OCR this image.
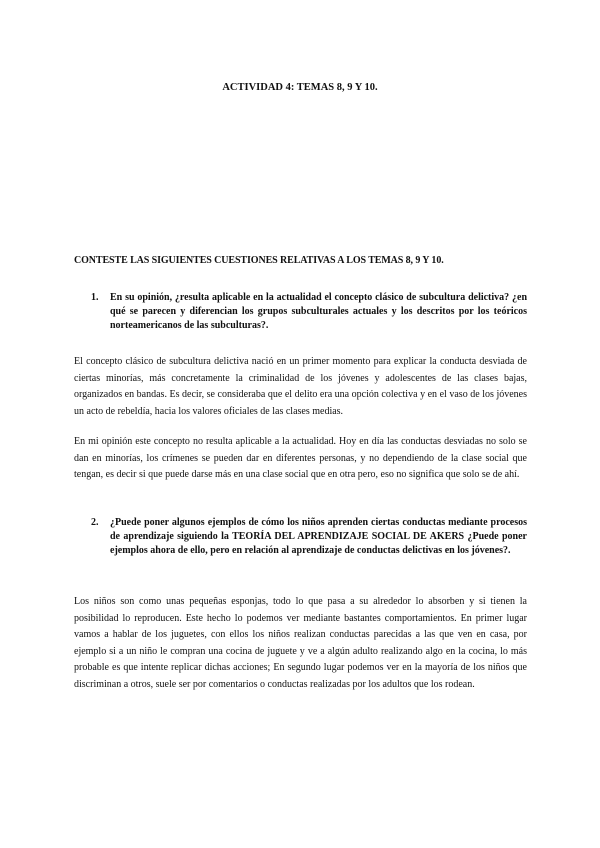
ACTIVIDAD 4: TEMAS 8, 9 Y 10.
CONTESTE LAS SIGUIENTES CUESTIONES RELATIVAS A LOS TEMAS 8, 9 Y 10.
1. En su opinión, ¿resulta aplicable en la actualidad el concepto clásico de subcultura delictiva? ¿en qué se parecen y diferencian los grupos subculturales actuales y los descritos por los teóricos norteamericanos de las subculturas?.

El concepto clásico de subcultura delictiva nació en un primer momento para explicar la conducta desviada de ciertas minorías, más concretamente la criminalidad de los jóvenes y adolescentes de las clases bajas, organizados en bandas. Es decir, se consideraba que el delito era una opción colectiva y en el vaso de los jóvenes un acto de rebeldía, hacia los valores oficiales de las clases medias.

En mi opinión este concepto no resulta aplicable a la actualidad. Hoy en día las conductas desviadas no solo se dan en minorías, los crímenes se pueden dar en diferentes personas, y no dependiendo de la clase social que tengan, es decir si que puede darse más en una clase social que en otra pero, eso no significa que solo se de ahí.

2. ¿Puede poner algunos ejemplos de cómo los niños aprenden ciertas conductas mediante procesos de aprendizaje siguiendo la TEORÍA DEL APRENDIZAJE SOCIAL DE AKERS ¿Puede poner ejemplos ahora de ello, pero en relación al aprendizaje de conductas delictivas en los jóvenes?.

Los niños son como unas pequeñas esponjas, todo lo que pasa a su alrededor lo absorben y si tienen la posibilidad lo reproducen. Este hecho lo podemos ver mediante bastantes comportamientos. En primer lugar vamos a hablar de los juguetes, con ellos los niños realizan conductas parecidas a las que ven en casa, por ejemplo si a un niño le compran una cocina de juguete y ve a algún adulto realizando algo en la cocina, lo más probable es que intente replicar dichas acciones; En segundo lugar podemos ver en la mayoría de los niños que discriminan a otros, suele ser por comentarios o conductas realizadas por los adultos que los rodean.
